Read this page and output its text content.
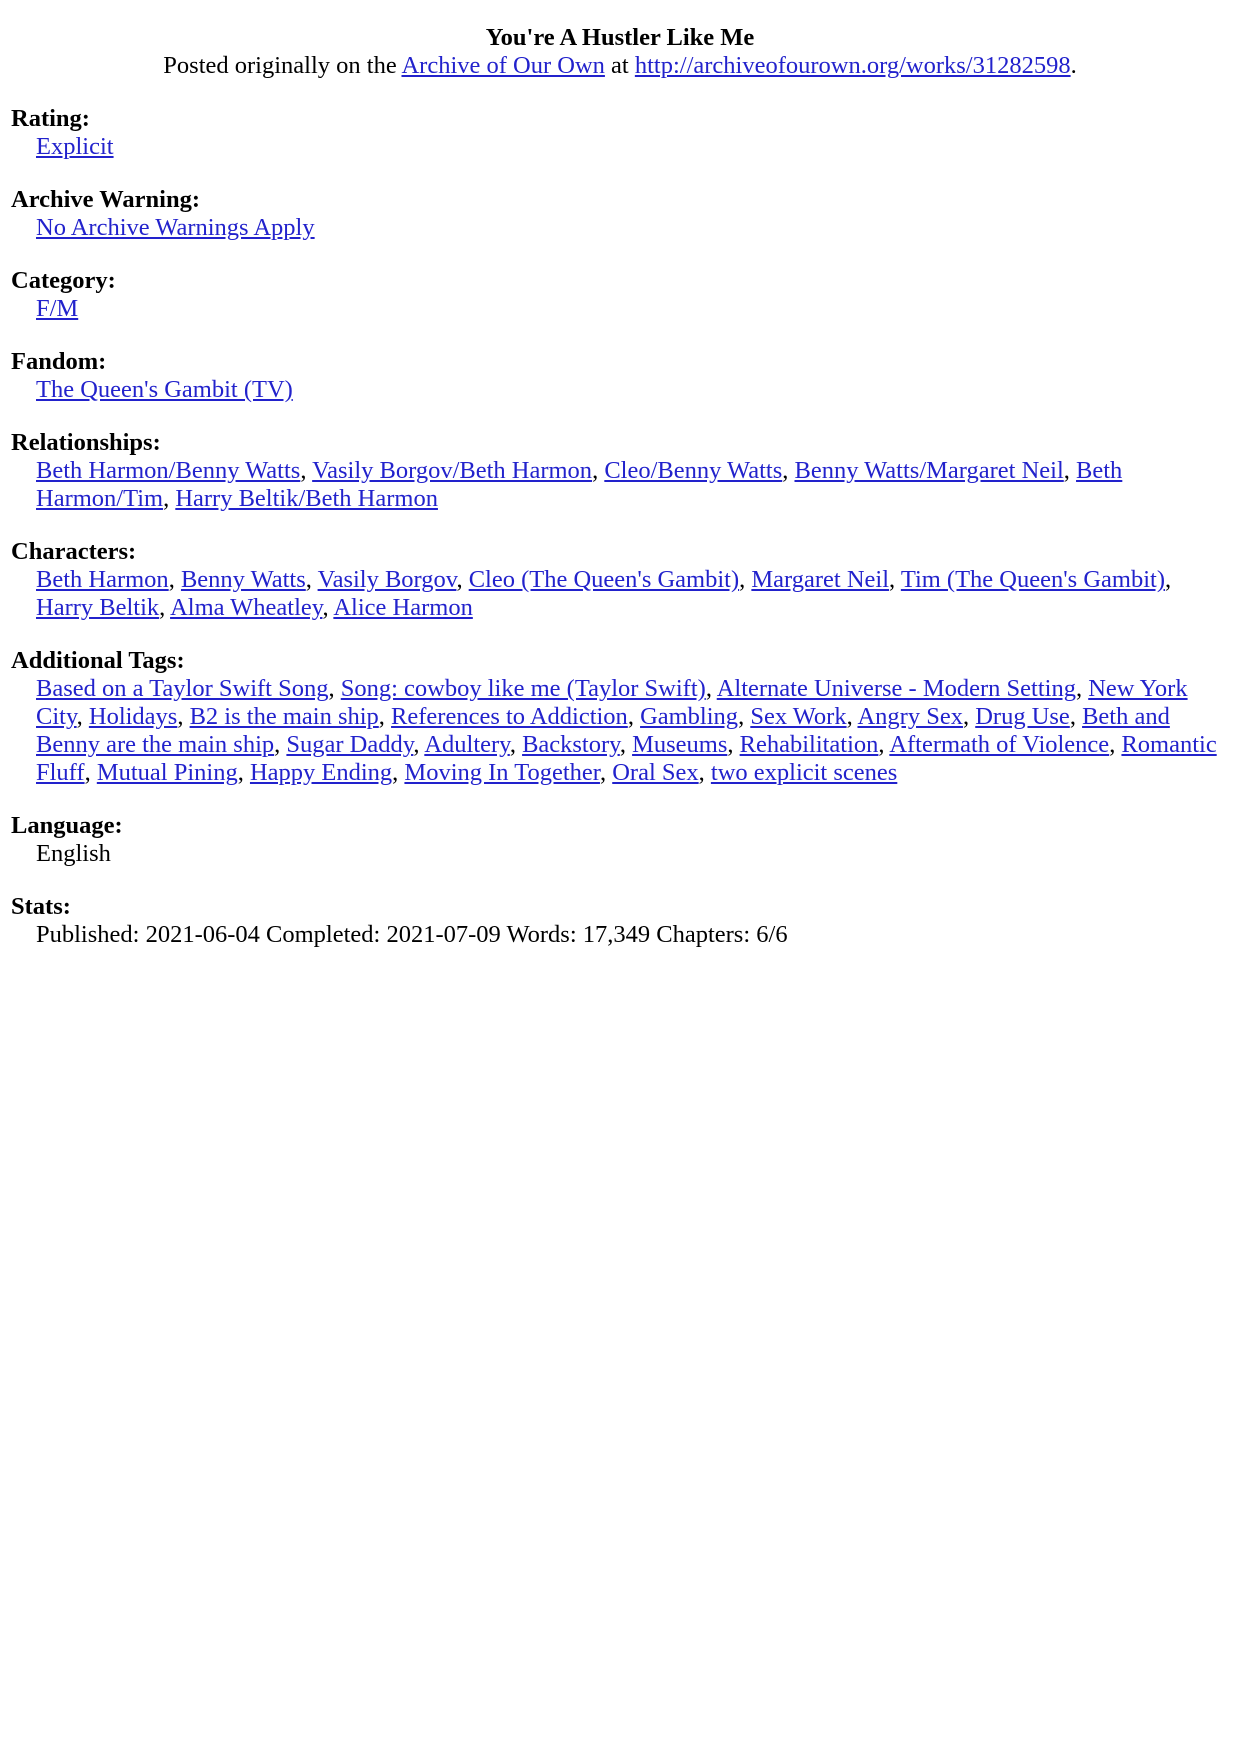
You're A Hustler Like Me
Posted originally on the Archive of Our Own at http://archiveofourown.org/works/31282598.
Rating:
Explicit
Archive Warning:
No Archive Warnings Apply
Category:
F/M
Fandom:
The Queen's Gambit (TV)
Relationships:
Beth Harmon/Benny Watts, Vasily Borgov/Beth Harmon, Cleo/Benny Watts, Benny Watts/Margaret Neil, Beth Harmon/Tim, Harry Beltik/Beth Harmon
Characters:
Beth Harmon, Benny Watts, Vasily Borgov, Cleo (The Queen's Gambit), Margaret Neil, Tim (The Queen's Gambit), Harry Beltik, Alma Wheatley, Alice Harmon
Additional Tags:
Based on a Taylor Swift Song, Song: cowboy like me (Taylor Swift), Alternate Universe - Modern Setting, New York City, Holidays, B2 is the main ship, References to Addiction, Gambling, Sex Work, Angry Sex, Drug Use, Beth and Benny are the main ship, Sugar Daddy, Adultery, Backstory, Museums, Rehabilitation, Aftermath of Violence, Romantic Fluff, Mutual Pining, Happy Ending, Moving In Together, Oral Sex, two explicit scenes
Language:
English
Stats:
Published: 2021-06-04 Completed: 2021-07-09 Words: 17,349 Chapters: 6/6
